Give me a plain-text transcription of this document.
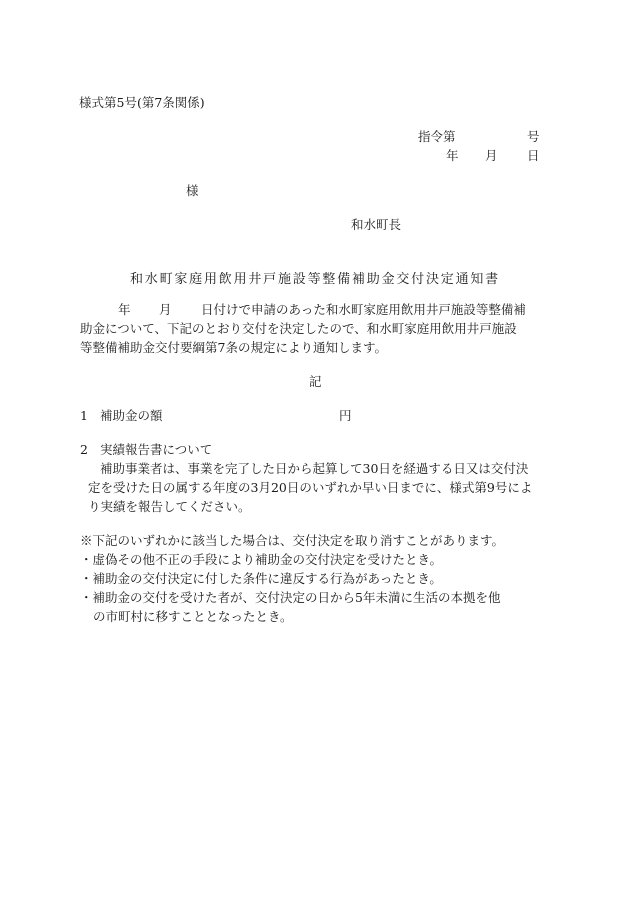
様式第5号(第7条関係)
指令第	号
年 月 日
様
和水町長
和水町家庭用飲用井戸施設等整備補助金交付決定通知書
年 月 日付けで申請のあった和水町家庭用飲用井戸施設等整備補
助金について、下記のとおり交付を決定したので、和水町家庭用飲用井戸施設
等整備補助金交付要綱第7条の規定により通知します。
記
1 補助金の額	円
2 実績報告書について
補助事業者は、事業を完了した日から起算して30日を経過する日又は交付決
定を受けた日の属する年度の3月20日のいずれか早い日までに、様式第9号によ
り実績を報告してください。
※下記のいずれかに該当した場合は、交付決定を取り消すことがあります。
・虚偽その他不正の手段により補助金の交付決定を受けたとき。
・補助金の交付決定に付した条件に違反する行為があったとき。
・補助金の交付を受けた者が、交付決定の日から5年未満に生活の本拠を他
の市町村に移すこととなったとき。
